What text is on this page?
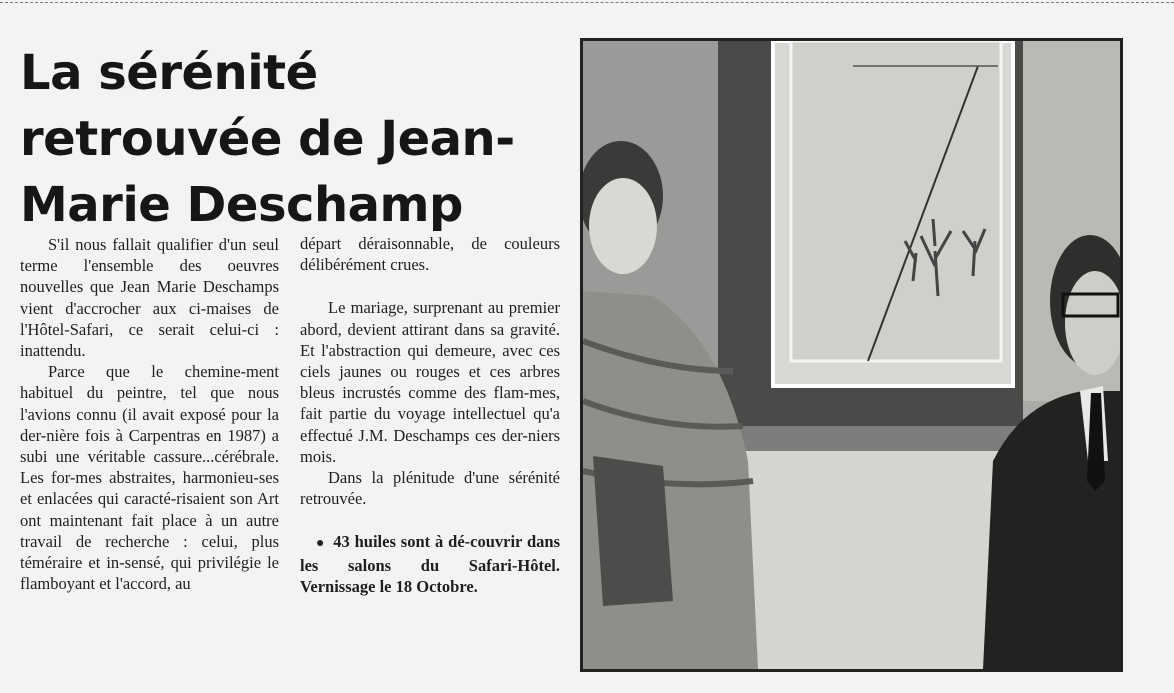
La sérénité
retrouvée de Jean-
Marie Deschamp

S'il nous fallait qualifier d'un seul terme l'ensemble des oeuvres nouvelles que Jean Marie Deschamps vient d'accrocher aux ci-maises de l'Hôtel-Safari, ce serait celui-ci : inattendu.

Parce que le chemine-ment habituel du peintre, tel que nous l'avions connu (il avait exposé pour la der-nière fois à Carpentras en 1987) a subi une véritable cassure...cérébrale. Les for-mes abstraites, harmonieu-ses et enlacées qui caracté-risaient son Art ont maintenant fait place à un autre travail de recherche : celui, plus téméraire et in-sensé, qui privilégie le flamboyant et l'accord, au

départ déraisonnable, de couleurs délibérément crues.

Le mariage, surprenant au premier abord, devient attirant dans sa gravité. Et l'abstraction qui demeure, avec ces ciels jaunes ou rouges et ces arbres bleus incrustés comme des flam-mes, fait partie du voyage intellectuel qu'a effectué J.M. Deschamps ces der-niers mois.

Dans la plénitude d'une sérénité retrouvée.

● 43 huiles sont à dé-couvrir dans les salons du Safari-Hôtel. Vernissage le 18 Octobre.
